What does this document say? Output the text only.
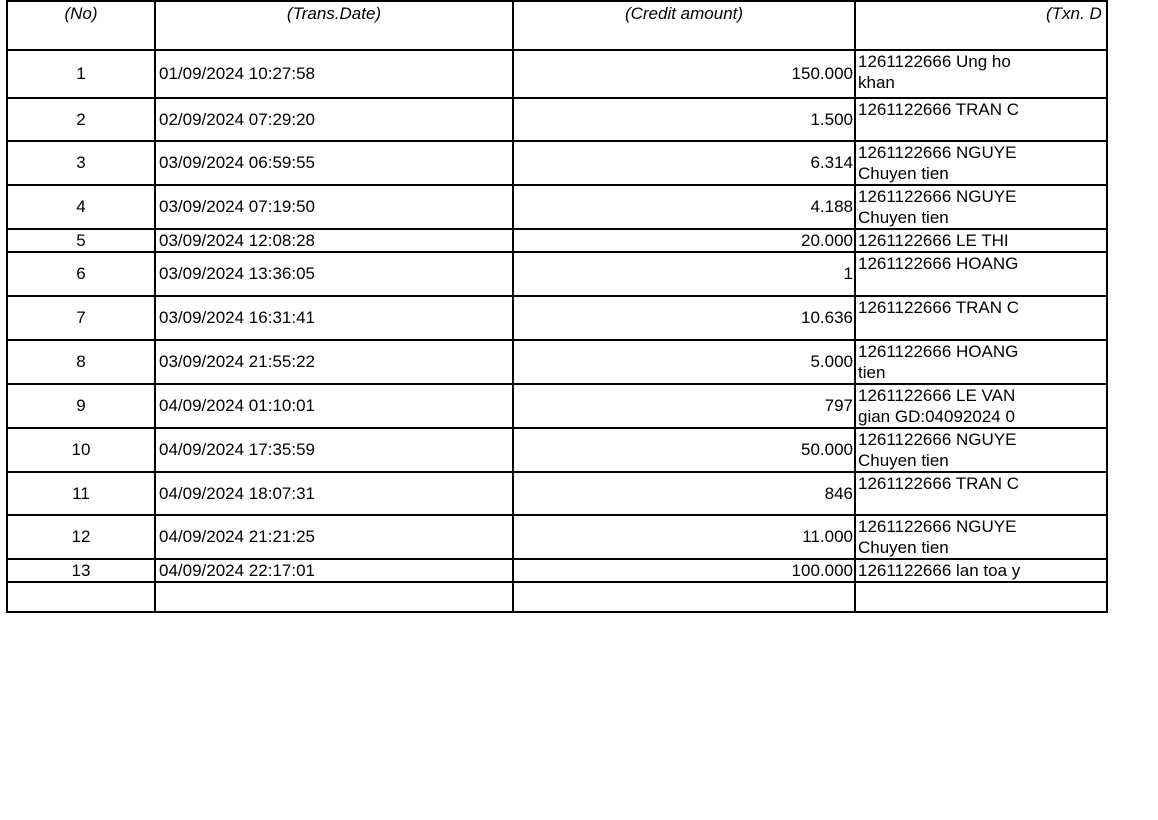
(No)	(Trans.Date)	(Credit amount)	(Txn. D
1	01/09/2024 10:27:58	150.000	1261122666 Ung ho
khan

2	02/09/2024 07:29:20	1.500	1261122666 TRAN C

3	03/09/2024 06:59:55	6.314	1261122666 NGUYE
Chuyen tien

4	03/09/2024 07:19:50	4.188	1261122666 NGUYE
Chuyen tien

5	03/09/2024 12:08:28	20.000	1261122666 LE THI

6	03/09/2024 13:36:05	1	1261122666 HOANG

7	03/09/2024 16:31:41	10.636	1261122666 TRAN C

8	03/09/2024 21:55:22	5.000	1261122666 HOANG
tien

9	04/09/2024 01:10:01	797	1261122666 LE VAN
gian GD:04092024 0

10	04/09/2024 17:35:59	50.000	1261122666 NGUYE
Chuyen tien

11	04/09/2024 18:07:31	846	1261122666 TRAN C

12	04/09/2024 21:21:25	11.000	1261122666 NGUYE
Chuyen tien

13	04/09/2024 22:17:01	100.000	1261122666 lan toa y
